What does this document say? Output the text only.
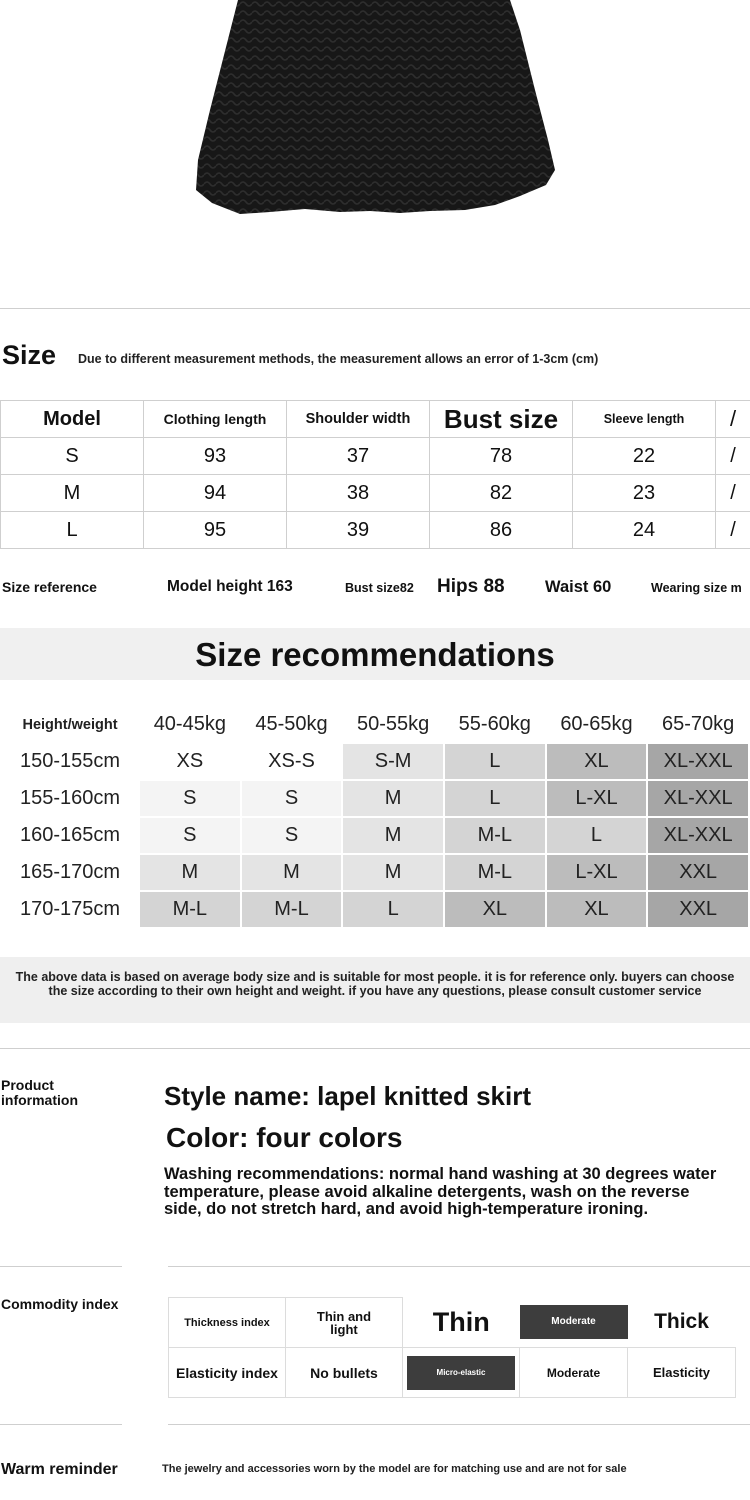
Size Due to different measurement methods, the measurement allows an error of 1-3cm (cm)
Model	Clothing length	Shoulder width	Bust size	Sleeve length	/
S	93	37	78	22	/
M	94	38	82	23	/
L	95	39	86	24	/
Size reference	Model height 163	Bust size82 Hips 88 Waist 60	Wearing size m
Size recommendations
Height/weight	40-45kg	45-50kg	50-55kg	55-60kg	60-65kg	65-70kg
150-155cm	XS	XS-S	S-M	L	XL	XL-XXL
155-160cm	S	S	M	L	L-XL	XL-XXL
160-165cm	S	S	M	M-L	L	XL-XXL
165-170cm	M	M	M	M-L	L-XL	XXL
170-175cm	M-L	M-L	L	XL	XL	XXL
The above data is based on average body size and is suitable for most people. it is for reference only. buyers can choose the size according to their own height and weight. if you have any questions, please consult customer service
Product information	Style name: lapel knitted skirt
Color: four colors
Washing recommendations: normal hand washing at 30 degrees water temperature, please avoid alkaline detergents, wash on the reverse side, do not stretch hard, and avoid high-temperature ironing.
Commodity index
Thickness index	Thin and light	Thin	Moderate	Thick
Elasticity index	No bullets	Micro-elastic	Moderate	Elasticity
Warm reminder	The jewelry and accessories worn by the model are for matching use and are not for sale
